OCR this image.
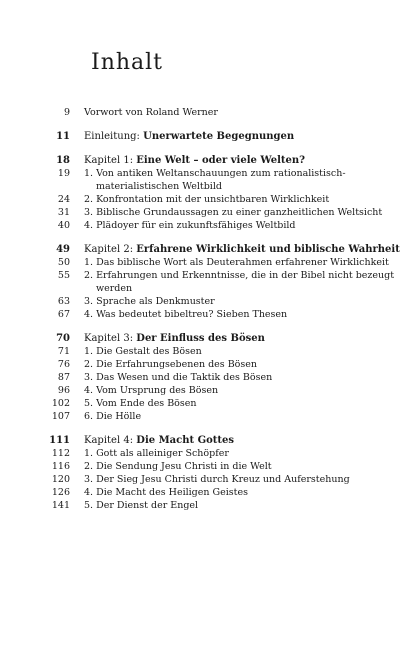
Inhalt
9 Vorwort von Roland Werner
11 Einleitung: Unerwartete Begegnungen
18 Kapitel 1: Eine Welt – oder viele Welten?
19 1. Von antiken Weltanschauungen zum rationalistisch-materialistischen Weltbild
24 2. Konfrontation mit der unsichtbaren Wirklichkeit
31 3. Biblische Grundaussagen zu einer ganzheitlichen Weltsicht
40 4. Plädoyer für ein zukunftsfähiges Weltbild
49 Kapitel 2: Erfahrene Wirklichkeit und biblische Wahrheit
50 1. Das biblische Wort als Deuterahmen erfahrener Wirklichkeit
55 2. Erfahrungen und Erkenntnisse, die in der Bibel nicht bezeugt werden
63 3. Sprache als Denkmuster
67 4. Was bedeutet bibeltreu? Sieben Thesen
70 Kapitel 3: Der Einfluss des Bösen
71 1. Die Gestalt des Bösen
76 2. Die Erfahrungsebenen des Bösen
87 3. Das Wesen und die Taktik des Bösen
96 4. Vom Ursprung des Bösen
102 5. Vom Ende des Bösen
107 6. Die Hölle
111 Kapitel 4: Die Macht Gottes
112 1. Gott als alleiniger Schöpfer
116 2. Die Sendung Jesu Christi in die Welt
120 3. Der Sieg Jesu Christi durch Kreuz und Auferstehung
126 4. Die Macht des Heiligen Geistes
141 5. Der Dienst der Engel
